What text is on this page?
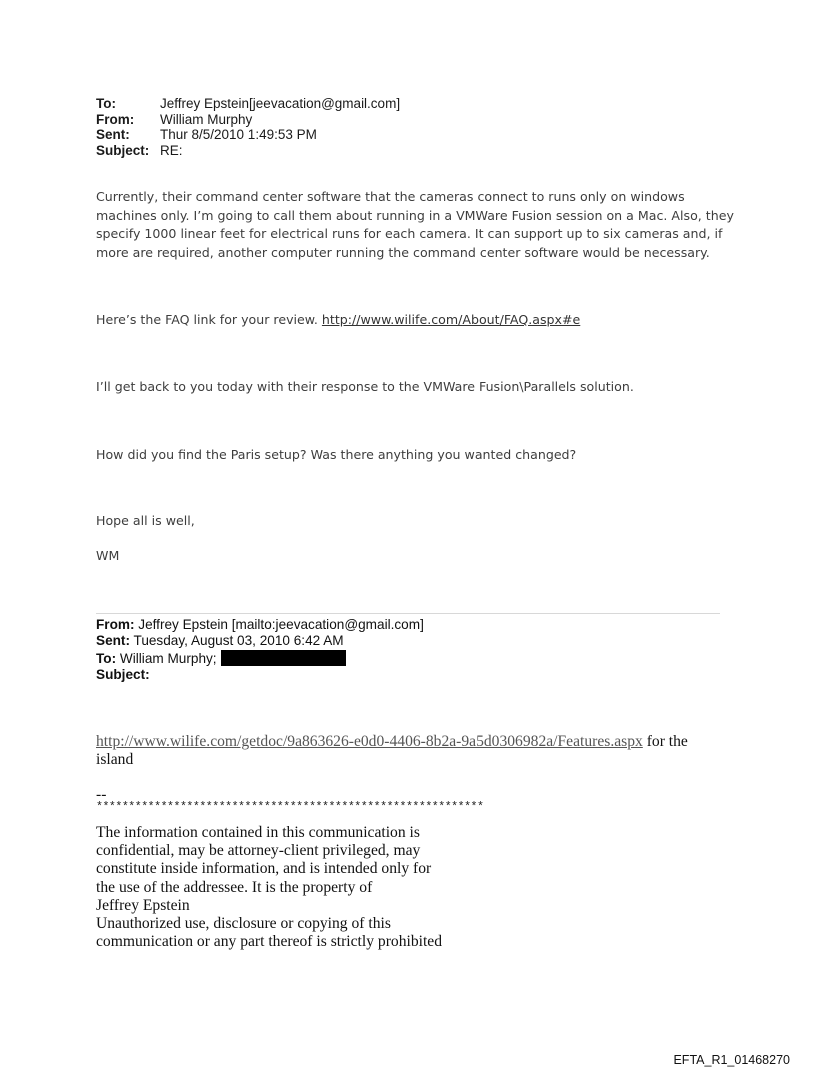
To:	Jeffrey Epstein[jeevacation@gmail.com]
From:	William Murphy
Sent:	Thur 8/5/2010 1:49:53 PM
Subject: RE:
Currently, their command center software that the cameras connect to runs only on windows machines only. I’m going to call them about running in a VMWare Fusion session on a Mac. Also, they specify 1000 linear feet for electrical runs for each camera. It can support up to six cameras and, if more are required, another computer running the command center software would be necessary.
Here’s the FAQ link for your review. http://www.wilife.com/About/FAQ.aspx#e
I’ll get back to you today with their response to the VMWare Fusion\Parallels solution.
How did you find the Paris setup? Was there anything you wanted changed?
Hope all is well,
WM
From: Jeffrey Epstein [mailto:jeevacation@gmail.com]
Sent: Tuesday, August 03, 2010 6:42 AM
To: William Murphy;
Subject:
http://www.wilife.com/getdoc/9a863626-e0d0-4406-8b2a-9a5d0306982a/Features.aspx for the island
--
************************************************************
The information contained in this communication is
confidential, may be attorney-client privileged, may
constitute inside information, and is intended only for
the use of the addressee. It is the property of
Jeffrey Epstein
Unauthorized use, disclosure or copying of this
communication or any part thereof is strictly prohibited
EFTA_R1_01468270
